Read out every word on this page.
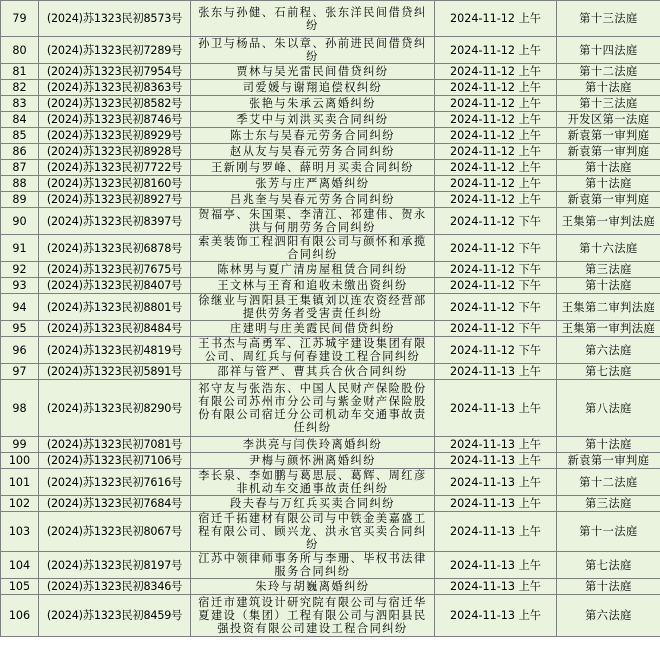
79	(2024)苏1323民初8573号	张东与孙健、石前程、张东洋民间借贷纠纷	2024-11-12 上午	第十三法庭
80	(2024)苏1323民初7289号	孙卫与杨品、朱以章、孙前进民间借贷纠纷	2024-11-12 上午	第十四法庭
81	(2024)苏1323民初7954号	贾林与吴光雷民间借贷纠纷	2024-11-12 上午	第十二法庭
82	(2024)苏1323民初8363号	司爱媛与谢翔追偿权纠纷	2024-11-12 上午	第十法庭
83	(2024)苏1323民初8582号	张艳与朱承云离婚纠纷	2024-11-12 上午	第十三法庭
84	(2024)苏1323民初8746号	季艾中与刘洪买卖合同纠纷	2024-11-12 上午	开发区第一法庭
85	(2024)苏1323民初8929号	陈士东与吴春元劳务合同纠纷	2024-11-12 上午	新袁第一审判庭
86	(2024)苏1323民初8928号	赵从友与吴春元劳务合同纠纷	2024-11-12 上午	新袁第一审判庭
87	(2024)苏1323民初7722号	王新刚与罗峰、薛明月买卖合同纠纷	2024-11-12 上午	第十法庭
88	(2024)苏1323民初8160号	张芳与庄严离婚纠纷	2024-11-12 上午	第十法庭
89	(2024)苏1323民初8927号	吕兆奎与吴春元劳务合同纠纷	2024-11-12 上午	新袁第一审判庭
90	(2024)苏1323民初8397号	贺福亭、朱国渠、李清江、祁建伟、贺永洪与何朋劳务合同纠纷	2024-11-12 下午	王集第一审判法庭
91	(2024)苏1323民初6878号	索美装饰工程泗阳有限公司与颜怀和承揽合同纠纷	2024-11-12 下午	第十六法庭
92	(2024)苏1323民初7675号	陈林男与夏广清房屋租赁合同纠纷	2024-11-12 下午	第三法庭
93	(2024)苏1323民初8407号	王文林与王育和追收未缴出资纠纷	2024-11-12 下午	第十法庭
94	(2024)苏1323民初8801号	徐继业与泗阳县王集镇刘以连农资经营部提供劳务者受害责任纠纷	2024-11-12 下午	王集第二审判法庭
95	(2024)苏1323民初8484号	庄建明与庄美霞民间借贷纠纷	2024-11-12 下午	王集第一审判法庭
96	(2024)苏1323民初4819号	王书杰与高勇军、江苏城宇建设集团有限公司、周红兵与何春建设工程合同纠纷	2024-11-12 下午	第六法庭
97	(2024)苏1323民初5891号	邵祥与管严、曹其兵合伙合同纠纷	2024-11-13 上午	第七法庭
98	(2024)苏1323民初8290号	祁守友与张浩东、中国人民财产保险股份有限公司苏州市分公司与紫金财产保险股份有限公司宿迁分公司机动车交通事故责任纠纷	2024-11-13 上午	第八法庭
99	(2024)苏1323民初7081号	李洪亮与闫佚玲离婚纠纷	2024-11-13 上午	第十法庭
100	(2024)苏1323民初7106号	尹梅与颜怀洲离婚纠纷	2024-11-13 上午	新袁第一审判庭
101	(2024)苏1323民初7616号	李长泉、李如鹏与葛思辰、葛辉、周红彦非机动车交通事故责任纠纷	2024-11-13 上午	第十二法庭
102	(2024)苏1323民初7684号	段夫春与万红兵买卖合同纠纷	2024-11-13 上午	第三法庭
103	(2024)苏1323民初8067号	宿迁千拓建材有限公司与中铁金美嘉盛工程有限公司、顾兴龙、洪永官买卖合同纠纷	2024-11-13 上午	第十一法庭
104	(2024)苏1323民初8197号	江苏中领律师事务所与李珊、毕权书法律服务合同纠纷	2024-11-13 上午	第七法庭
105	(2024)苏1323民初8346号	朱玲与胡巍离婚纠纷	2024-11-13 上午	第十法庭
106	(2024)苏1323民初8459号	宿迁市建筑设计研究院有限公司与宿迁华夏建设（集团）工程有限公司与泗阳县民强投资有限公司建设工程合同纠纷	2024-11-13 上午	第六法庭
